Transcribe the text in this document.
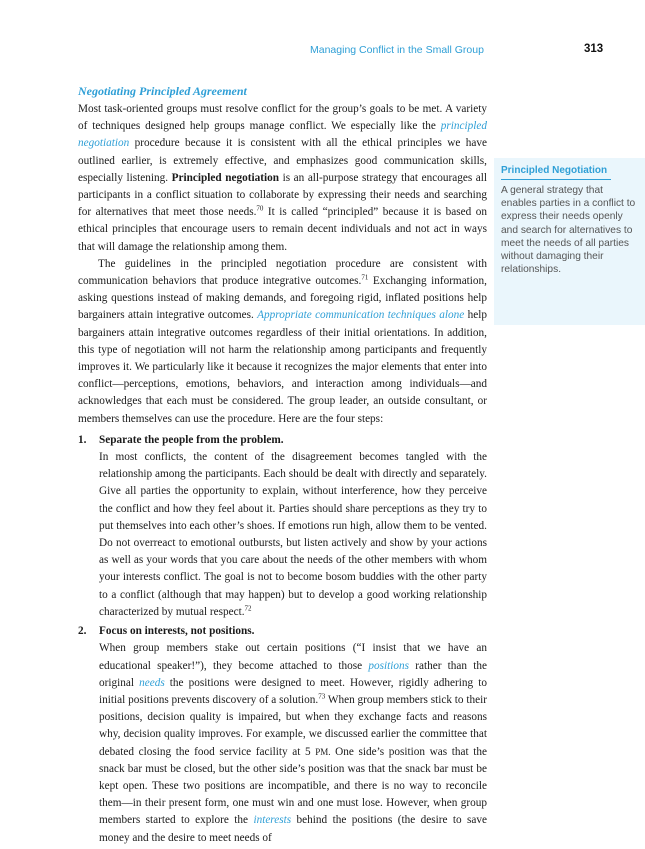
Managing Conflict in the Small Group	313
Negotiating Principled Agreement

Most task-oriented groups must resolve conflict for the group’s goals to be met. A variety of techniques designed help groups manage conflict. We especially like the principled negotiation procedure because it is consistent with all the ethical principles we have outlined earlier, is extremely effective, and emphasizes good communication skills, especially listening. Principled negotiation is an all-purpose strategy that encourages all participants in a conflict situation to collaborate by expressing their needs and searching for alternatives that meet those needs.$^{70}$ It is called “principled” because it is based on ethical principles that encourage users to remain decent individuals and not act in ways that will damage the relationship among them.

The guidelines in the principled negotiation procedure are consistent with communication behaviors that produce integrative outcomes.$^{71}$ Exchanging information, asking questions instead of making demands, and foregoing rigid, inflated positions help bargainers attain integrative outcomes. Appropriate communication techniques alone help bargainers attain integrative outcomes regardless of their initial orientations. In addition, this type of negotiation will not harm the relationship among participants and frequently improves it. We particularly like it because it recognizes the major elements that enter into conflict—perceptions, emotions, behaviors, and interaction among individuals—and acknowledges that each must be considered. The group leader, an outside consultant, or members themselves can use the procedure. Here are the four steps:

1. Separate the people from the problem.

In most conflicts, the content of the disagreement becomes tangled with the relationship among the participants. Each should be dealt with directly and separately. Give all parties the opportunity to explain, without interference, how they perceive the conflict and how they feel about it. Parties should share perceptions as they try to put themselves into each other’s shoes. If emotions run high, allow them to be vented. Do not overreact to emotional outbursts, but listen actively and show by your actions as well as your words that you care about the needs of the other members with whom your interests conflict. The goal is not to become bosom buddies with the other party to a conflict (although that may happen) but to develop a good working relationship characterized by mutual respect.$^{72}$

2. Focus on interests, not positions.

When group members stake out certain positions (“I insist that we have an educational speaker!”), they become attached to those positions rather than the original needs the positions were designed to meet. However, rigidly adhering to initial positions prevents discovery of a solution.$^{73}$ When group members stick to their positions, decision quality is impaired, but when they exchange facts and reasons why, decision quality improves. For example, we discussed earlier the committee that debated closing the food service facility at 5 PM. One side’s position was that the snack bar must be closed, but the other side’s position was that the snack bar must be kept open. These two positions are incompatible, and there is no way to reconcile them—in their present form, one must win and one must lose. However, when group members started to explore the interests behind the positions (the desire to save money and the desire to meet needs of

Principled Negotiation

A general strategy that enables parties in a conflict to express their needs openly and search for alternatives to meet the needs of all parties without damaging their relationships.
